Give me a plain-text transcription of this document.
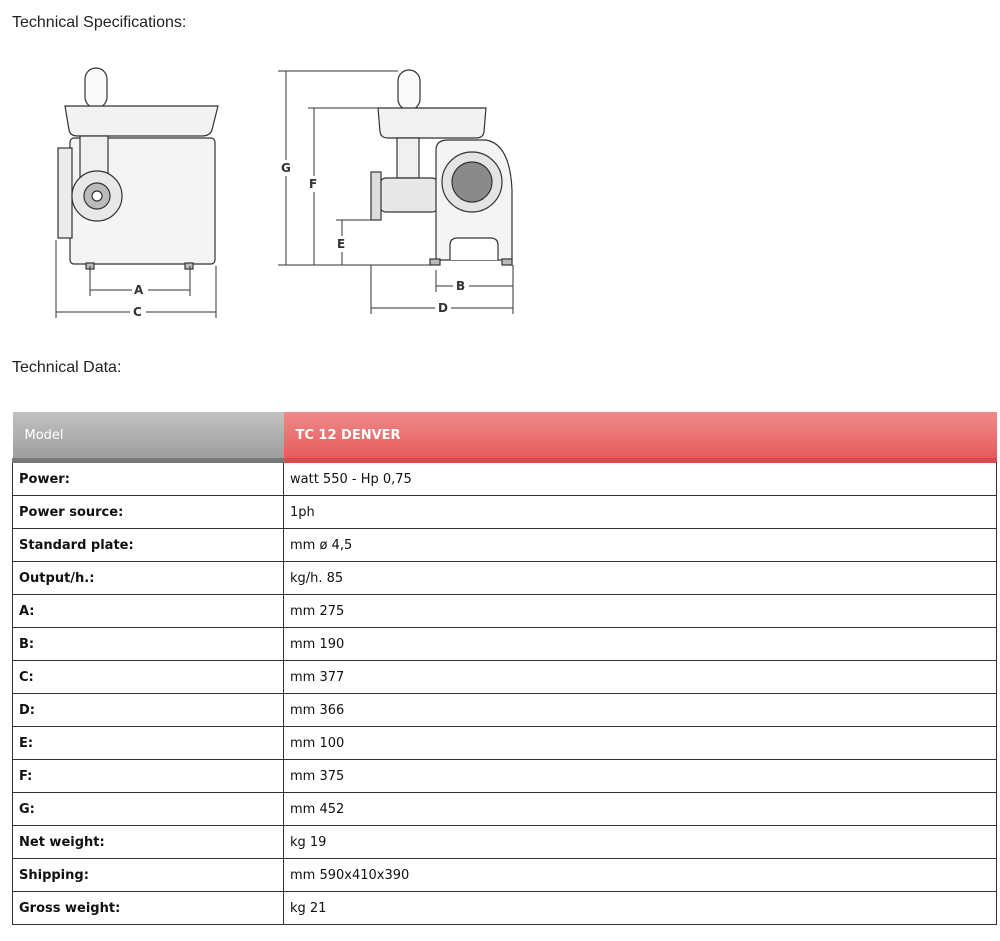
Technical Specifications:
A
C
G
F
E
B
D
Technical Data:
Model	TC 12 DENVER
Power:	watt 550 - Hp 0,75
Power source:	1ph
Standard plate:	mm ø 4,5
Output/h.:	kg/h. 85
A:	mm 275
B:	mm 190
C:	mm 377
D:	mm 366
E:	mm 100
F:	mm 375
G:	mm 452
Net weight:	kg 19
Shipping:	mm 590x410x390
Gross weight:	kg 21
